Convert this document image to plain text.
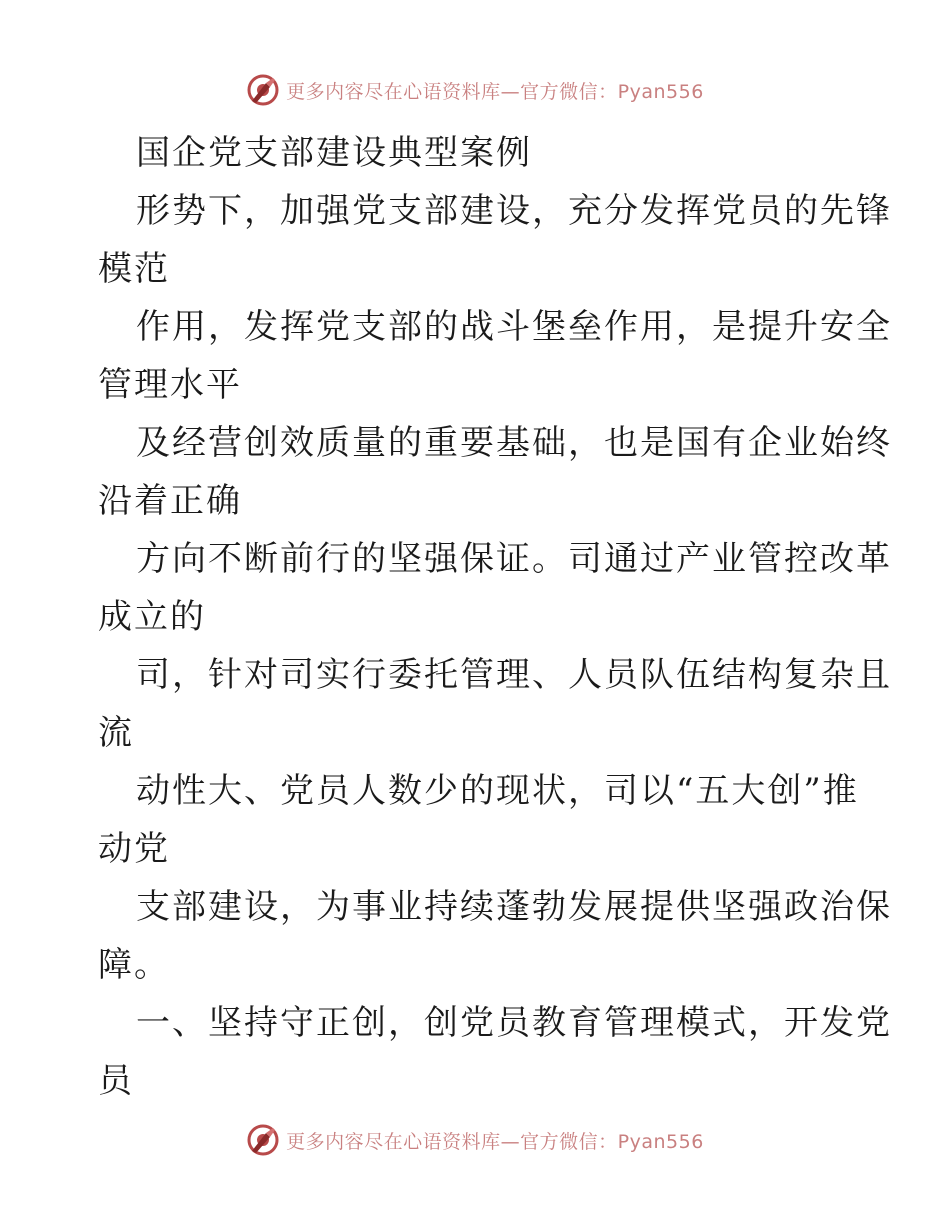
更多内容尽在心语资料库—官方微信：Pyan556
国企党支部建设典型案例
形势下，加强党支部建设，充分发挥党员的先锋
模范
作用，发挥党支部的战斗堡垒作用，是提升安全
管理水平
及经营创效质量的重要基础，也是国有企业始终
沿着正确
方向不断前行的坚强保证。司通过产业管控改革
成立的
司，针对司实行委托管理、人员队伍结构复杂且
流
动性大、党员人数少的现状，司以“五大创”推
动党
支部建设，为事业持续蓬勃发展提供坚强政治保
障。
一、坚持守正创，创党员教育管理模式，开发党
员
更多内容尽在心语资料库—官方微信：Pyan556
